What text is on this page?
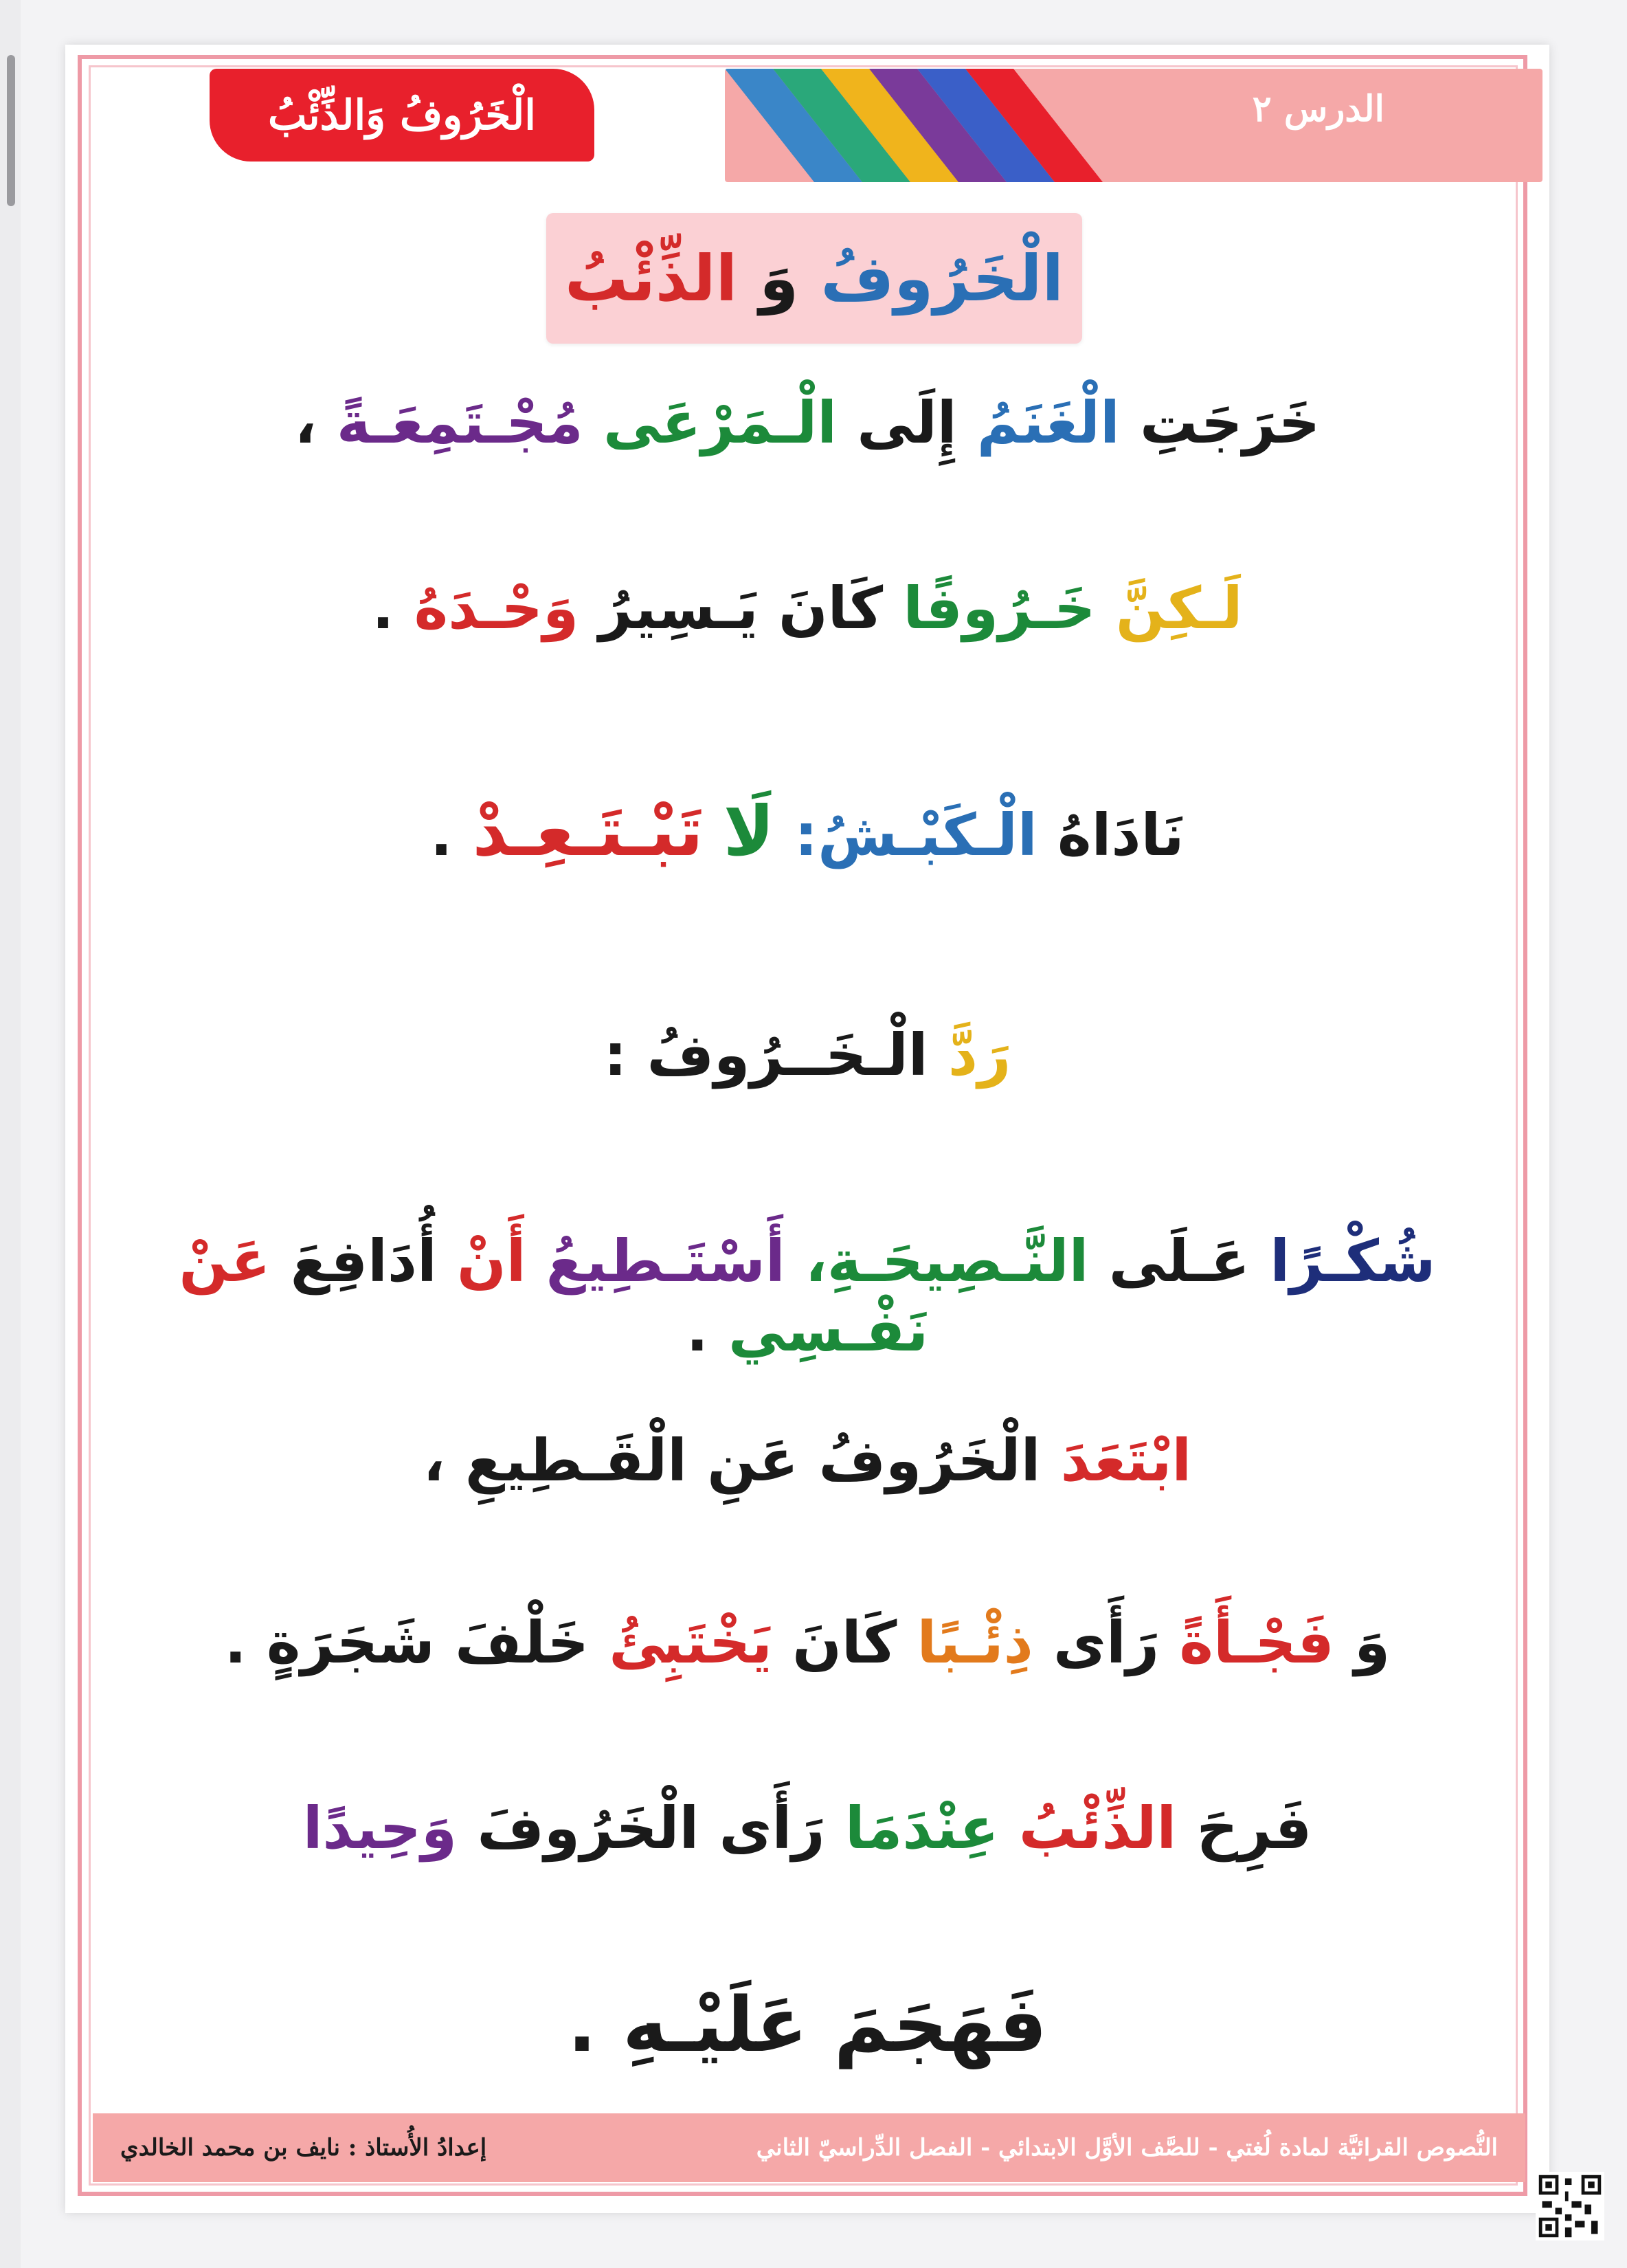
الدرس ٢
الْخَرُوفُ وَالذِّئْبُ
الْخَرُوفُ وَ الذِّئْبُ
خَرَجَتِ الْغَنَمُ إِلَى الْـمَرْعَى مُجْـتَمِعَـةً ،
لَـكِنَّ خَـرُوفًا كَانَ يَـسِيرُ وَحْـدَهُ .
نَادَاهُ الْـكَبْـشُ: لَا تَبْـتَـعِـدْ .
رَدَّ الْـخَــرُوفُ :
شُكْـرًا عَـلَى النَّـصِيحَـةِ، أَسْتَـطِيعُ أَنْ أُدَافِعَ عَنْ نَفْـسِي .
ابْتَعَدَ الْخَرُوفُ عَنِ الْقَـطِيعِ ،
وَ فَجْـأَةً رَأَى ذِئْـبًا كَانَ يَخْتَبِئُ خَلْفَ شَجَرَةٍ .
فَرِحَ الذِّئْبُ عِنْدَمَا رَأَى الْخَرُوفَ وَحِيدًا
فَهَجَمَ عَلَيْـهِ .
النُّصوص القرائيَّة لمادة لُغتي - للصَّف الأوَّل الابتدائي - الفصل الدِّراسيّ الثاني
إعدادُ الأُستاذ : نايف بن محمد الخالدي
